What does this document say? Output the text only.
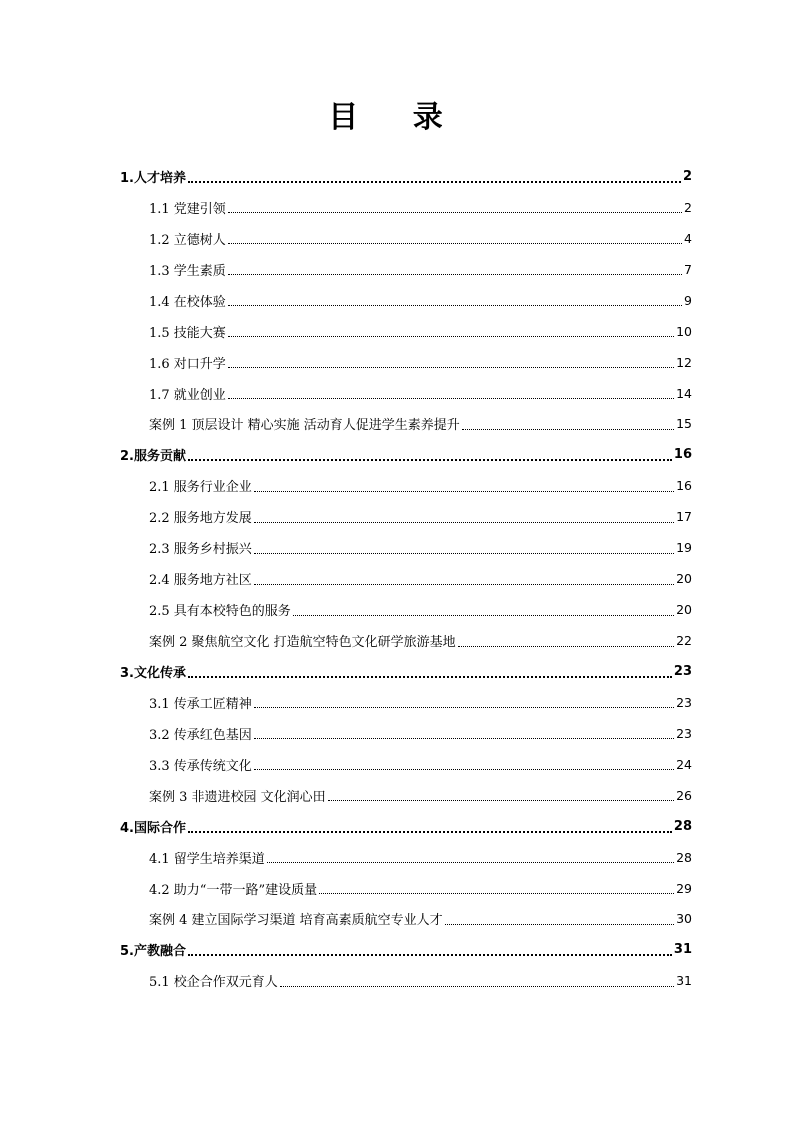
目 录
1.人才培养	2
1.1 党建引领	2
1.2 立德树人	4
1.3 学生素质	7
1.4 在校体验	9
1.5 技能大赛	10
1.6 对口升学	12
1.7 就业创业	14
案例 1 顶层设计 精心实施 活动育人促进学生素养提升	15
2.服务贡献	16
2.1 服务行业企业	16
2.2 服务地方发展	17
2.3 服务乡村振兴	19
2.4 服务地方社区	20
2.5 具有本校特色的服务	20
案例 2 聚焦航空文化 打造航空特色文化研学旅游基地	22
3.文化传承	23
3.1 传承工匠精神	23
3.2 传承红色基因	23
3.3 传承传统文化	24
案例 3 非遗进校园 文化润心田	26
4.国际合作	28
4.1 留学生培养渠道	28
4.2 助力“一带一路”建设质量	29
案例 4 建立国际学习渠道 培育高素质航空专业人才	30
5.产教融合	31
5.1 校企合作双元育人	31
